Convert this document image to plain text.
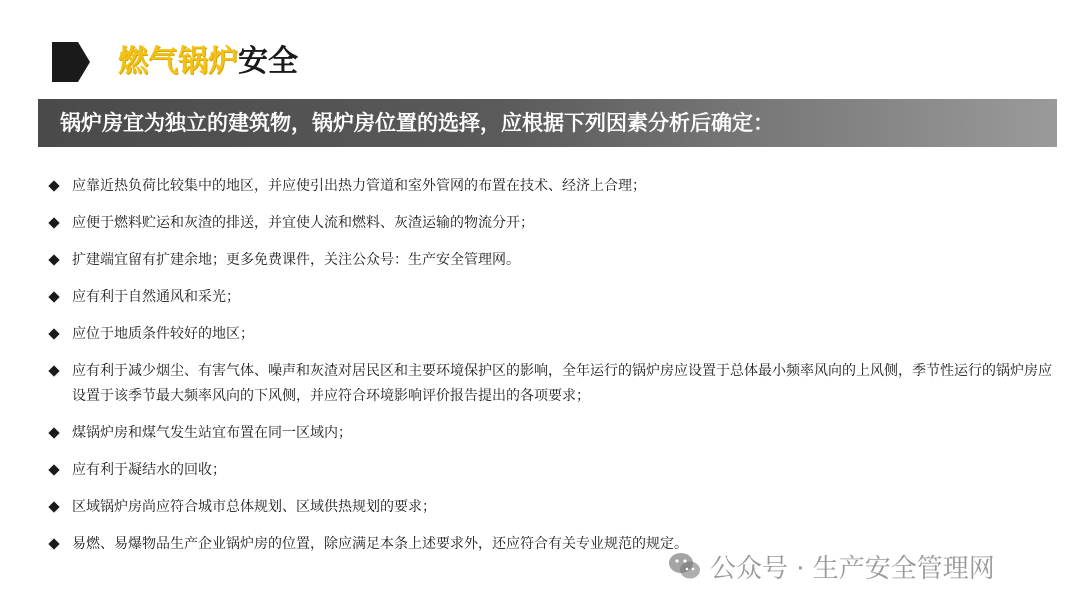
燃气锅炉安全
锅炉房宜为独立的建筑物，锅炉房位置的选择，应根据下列因素分析后确定：
应靠近热负荷比较集中的地区，并应使引出热力管道和室外管网的布置在技术、经济上合理；
应便于燃料贮运和灰渣的排送，并宜使人流和燃料、灰渣运输的物流分开；
扩建端宜留有扩建余地；更多免费课件，关注公众号：生产安全管理网。
应有利于自然通风和采光；
应位于地质条件较好的地区；
应有利于减少烟尘、有害气体、噪声和灰渣对居民区和主要环境保护区的影响，全年运行的锅炉房应设置于总体最小频率风向的上风侧，季节性运行的锅炉房应设置于该季节最大频率风向的下风侧，并应符合环境影响评价报告提出的各项要求；
煤锅炉房和煤气发生站宜布置在同一区域内；
应有利于凝结水的回收；
区域锅炉房尚应符合城市总体规划、区域供热规划的要求；
易燃、易爆物品生产企业锅炉房的位置，除应满足本条上述要求外，还应符合有关专业规范的规定。
公众号 · 生产安全管理网
